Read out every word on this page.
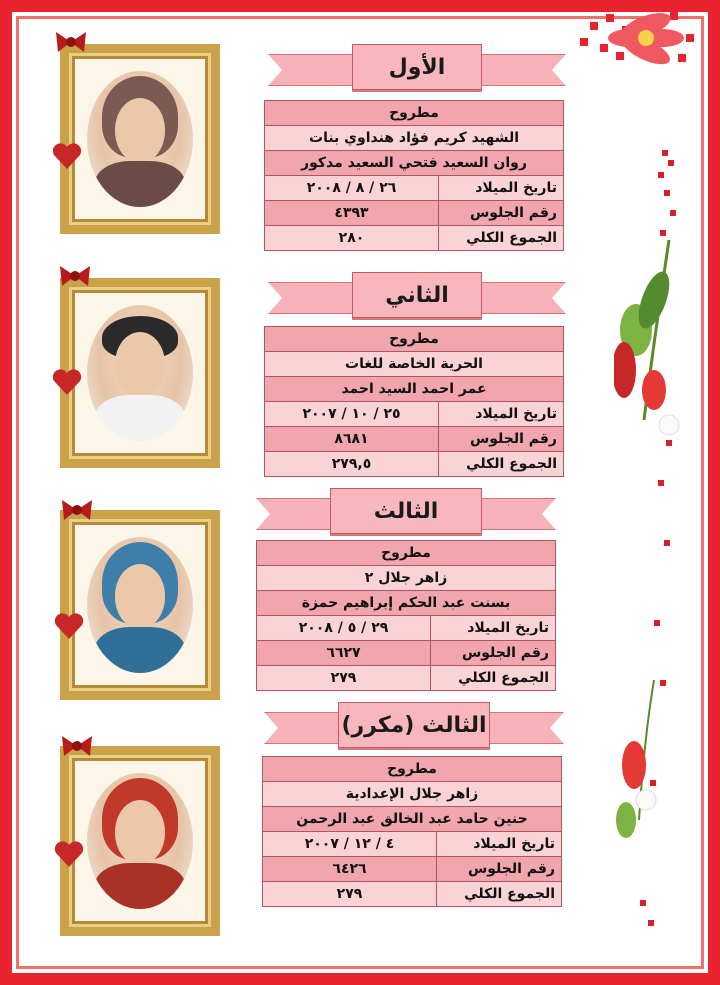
الأول
مطروح	
الشهيد كريم فؤاد هنداوي بنات	
روان السعيد فتحي السعيد مدكور	
تاريخ الميلاد	٢٦ / ٨ / ٢٠٠٨
رقم الجلوس	٤٣٩٣
الجموع الكلي	٢٨٠
الثاني
مطروح	
الحرية الخاصة للغات	
عمر احمد السيد احمد	
تاريخ الميلاد	٢٥ / ١٠ / ٢٠٠٧
رقم الجلوس	٨٦٨١
الجموع الكلي	٢٧٩,٥
الثالث
مطروح	
زاهر جلال ٢	
بسنت عبد الحكم إبراهيم حمزة	
تاريخ الميلاد	٢٩ / ٥ / ٢٠٠٨
رقم الجلوس	٦٦٢٧
الجموع الكلي	٢٧٩
الثالث (مكرر)
مطروح	
زاهر جلال الإعدادية	
حنين حامد عبد الخالق عبد الرحمن	
تاريخ الميلاد	٤ / ١٢ / ٢٠٠٧
رقم الجلوس	٦٤٢٦
الجموع الكلي	٢٧٩
